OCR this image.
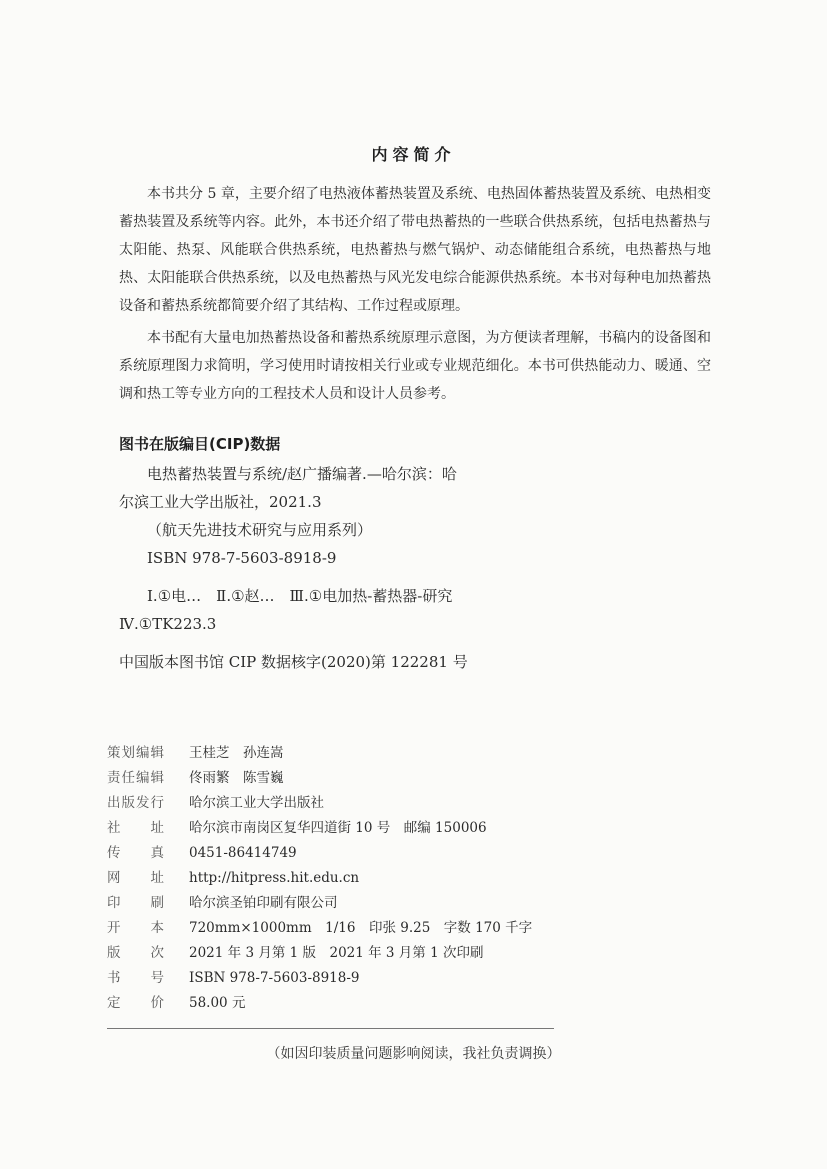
内容简介

本书共分 5 章，主要介绍了电热液体蓄热装置及系统、电热固体蓄热装置及系统、电热相变蓄热装置及系统等内容。此外，本书还介绍了带电热蓄热的一些联合供热系统，包括电热蓄热与太阳能、热泵、风能联合供热系统，电热蓄热与燃气锅炉、动态储能组合系统，电热蓄热与地热、太阳能联合供热系统，以及电热蓄热与风光发电综合能源供热系统。本书对每种电加热蓄热设备和蓄热系统都简要介绍了其结构、工作过程或原理。

本书配有大量电加热蓄热设备和蓄热系统原理示意图，为方便读者理解，书稿内的设备图和系统原理图力求简明，学习使用时请按相关行业或专业规范细化。本书可供热能动力、暖通、空调和热工等专业方向的工程技术人员和设计人员参考。

图书在版编目(CIP)数据
电热蓄热装置与系统/赵广播编著.—哈尔滨：哈
尔滨工业大学出版社，2021.3
（航天先进技术研究与应用系列）
ISBN 978-7-5603-8918-9
Ⅰ.①电…　Ⅱ.①赵…　Ⅲ.①电加热-蓄热器-研究
Ⅳ.①TK223.3
中国版本图书馆 CIP 数据核字(2020)第 122281 号
策划编辑	王桂芝　孙连嵩
责任编辑	佟雨繁　陈雪巍
出版发行	哈尔滨工业大学出版社
社 址	哈尔滨市南岗区复华四道街 10 号　邮编 150006
传 真	0451-86414749
网 址	http://hitpress.hit.edu.cn
印 刷	哈尔滨圣铂印刷有限公司
开 本	720mm×1000mm　1/16　印张 9.25　字数 170 千字
版 次	2021 年 3 月第 1 版　2021 年 3 月第 1 次印刷
书 号	ISBN 978-7-5603-8918-9
定 价	58.00 元
（如因印装质量问题影响阅读，我社负责调换）
